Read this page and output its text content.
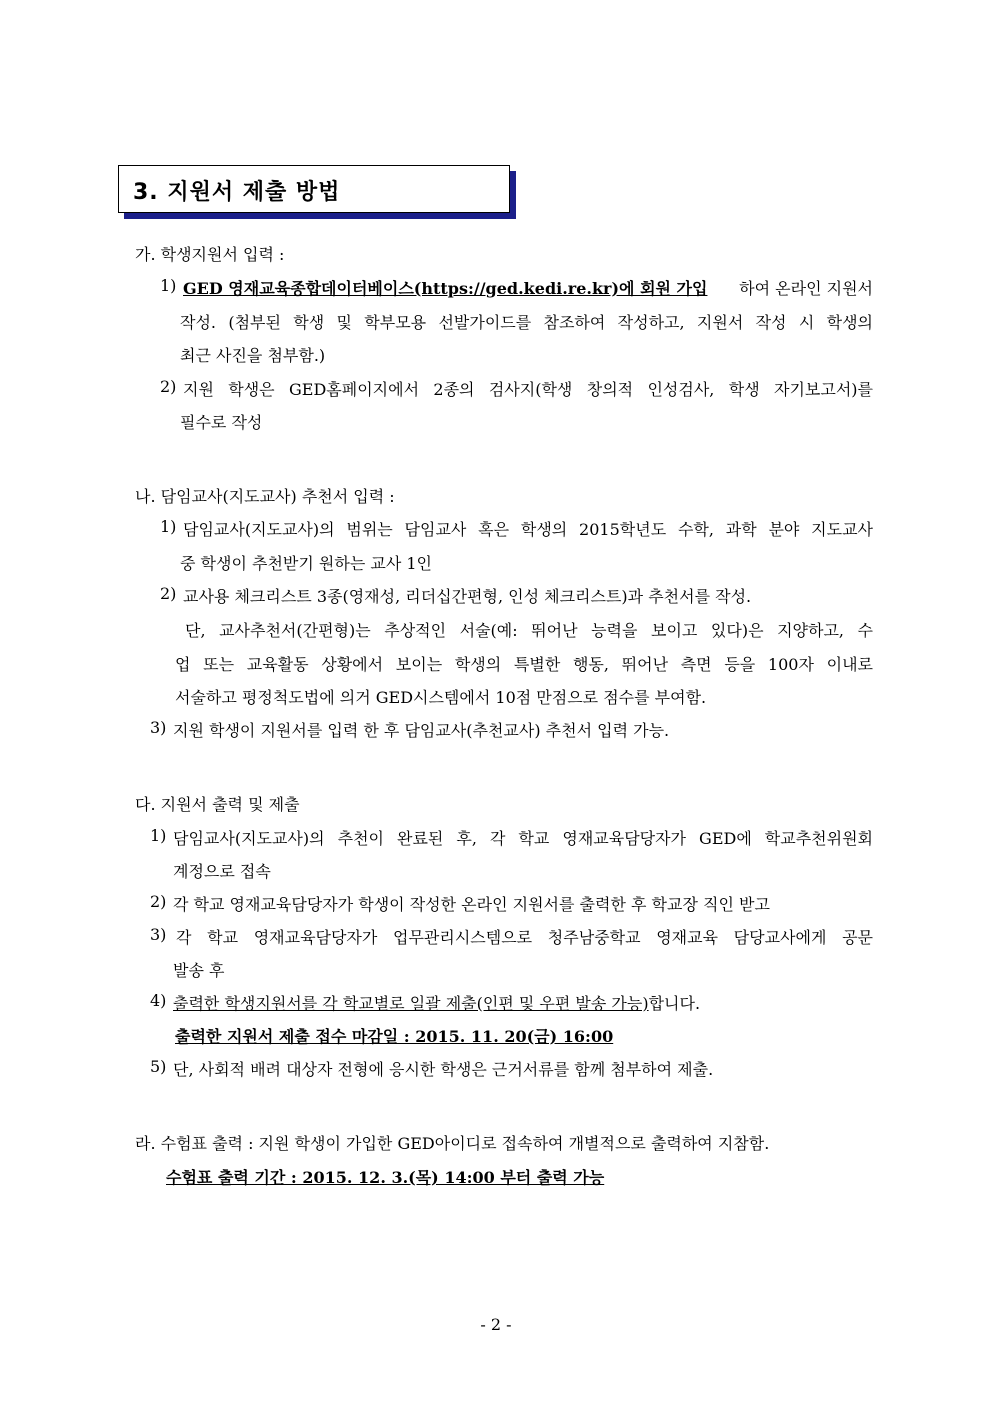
3. 지원서 제출 방법
가. 학생지원서 입력 :
1) GED 영재교육종합데이터베이스(https://ged.kedi.re.kr)에 회원 가입 하여 온라인 지원서
작성. (첨부된 학생 및 학부모용 선발가이드를 참조하여 작성하고, 지원서 작성 시 학생의
최근 사진을 첨부함.)
2) 지원 학생은 GED홈페이지에서 2종의 검사지(학생 창의적 인성검사, 학생 자기보고서)를
필수로 작성
나. 담임교사(지도교사) 추천서 입력 :
1) 담임교사(지도교사)의 범위는 담임교사 혹은 학생의 2015학년도 수학, 과학 분야 지도교사
중 학생이 추천받기 원하는 교사 1인
2) 교사용 체크리스트 3종(영재성, 리더십간편형, 인성 체크리스트)과 추천서를 작성.
단, 교사추천서(간편형)는 추상적인 서술(예: 뛰어난 능력을 보이고 있다)은 지양하고, 수
업 또는 교육활동 상황에서 보이는 학생의 특별한 행동, 뛰어난 측면 등을 100자 이내로
서술하고 평정척도법에 의거 GED시스템에서 10점 만점으로 점수를 부여함.
3) 지원 학생이 지원서를 입력 한 후 담임교사(추천교사) 추천서 입력 가능.
다. 지원서 출력 및 제출
1) 담임교사(지도교사)의 추천이 완료된 후, 각 학교 영재교육담당자가 GED에 학교추천위원회
계정으로 접속
2) 각 학교 영재교육담당자가 학생이 작성한 온라인 지원서를 출력한 후 학교장 직인 받고
3) 각 학교 영재교육담당자가 업무관리시스템으로 청주남중학교 영재교육 담당교사에게 공문
발송 후
4) 출력한 학생지원서를 각 학교별로 일괄 제출(인편 및 우편 발송 가능)합니다.
출력한 지원서 제출 접수 마감일 : 2015. 11. 20(금) 16:00
5) 단, 사회적 배려 대상자 전형에 응시한 학생은 근거서류를 함께 첨부하여 제출.
라. 수험표 출력 : 지원 학생이 가입한 GED아이디로 접속하여 개별적으로 출력하여 지참함.
수험표 출력 기간 : 2015. 12. 3.(목) 14:00 부터 출력 가능
- 2 -
